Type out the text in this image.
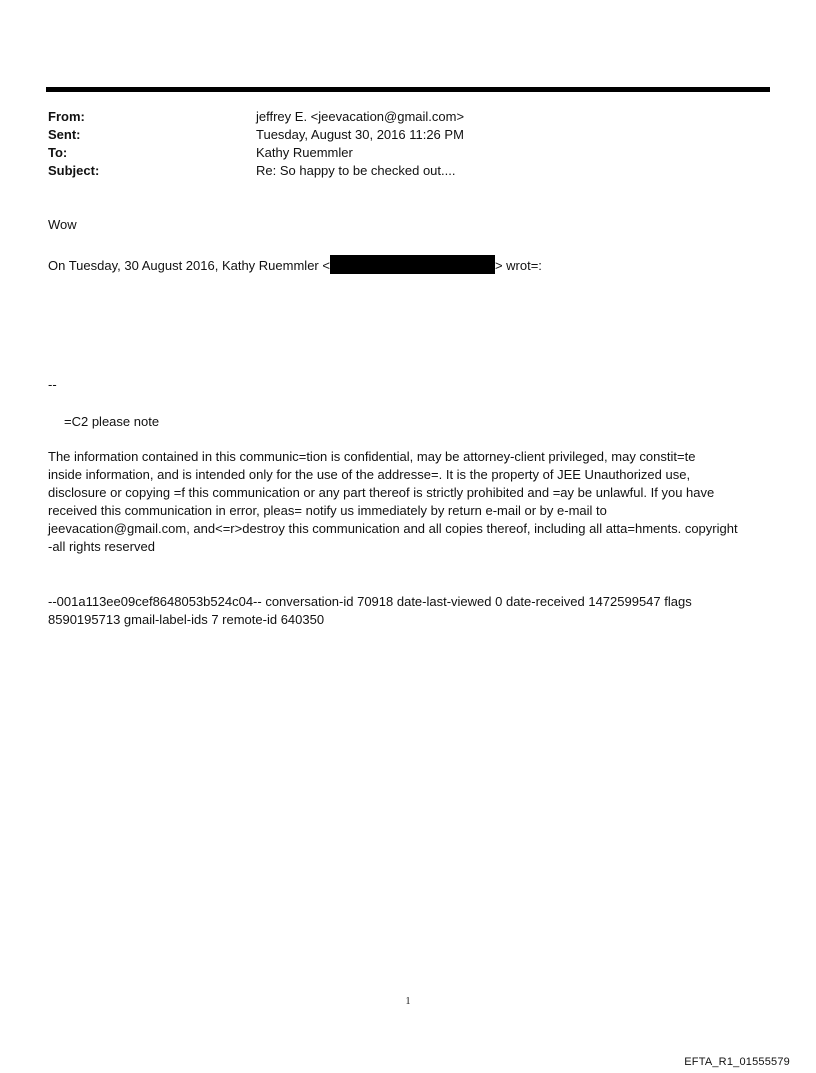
From:	jeffrey E. <jeevacation@gmail.com>
Sent:	Tuesday, August 30, 2016 11:26 PM
To:	Kathy Ruemmler
Subject:	Re: So happy to be checked out....
Wow
On Tuesday, 30 August 2016, Kathy Ruemmler <	> wrot=:
--
=C2 please note
The information contained in this communic=tion is confidential, may be attorney-client privileged, may constit=te
inside information, and is intended only for the use of the addresse=. It is the property of JEE Unauthorized use,
disclosure or copying =f this communication or any part thereof is strictly prohibited and =ay be unlawful. If you have
received this communication in error, pleas= notify us immediately by return e-mail or by e-mail to
jeevacation@gmail.com, and<=r>destroy this communication and all copies thereof, including all atta=hments. copyright
-all rights reserved
--001a113ee09cef8648053b524c04-- conversation-id 70918 date-last-viewed 0 date-received 1472599547 flags
8590195713 gmail-label-ids 7 remote-id 640350
1
EFTA_R1_01555579
